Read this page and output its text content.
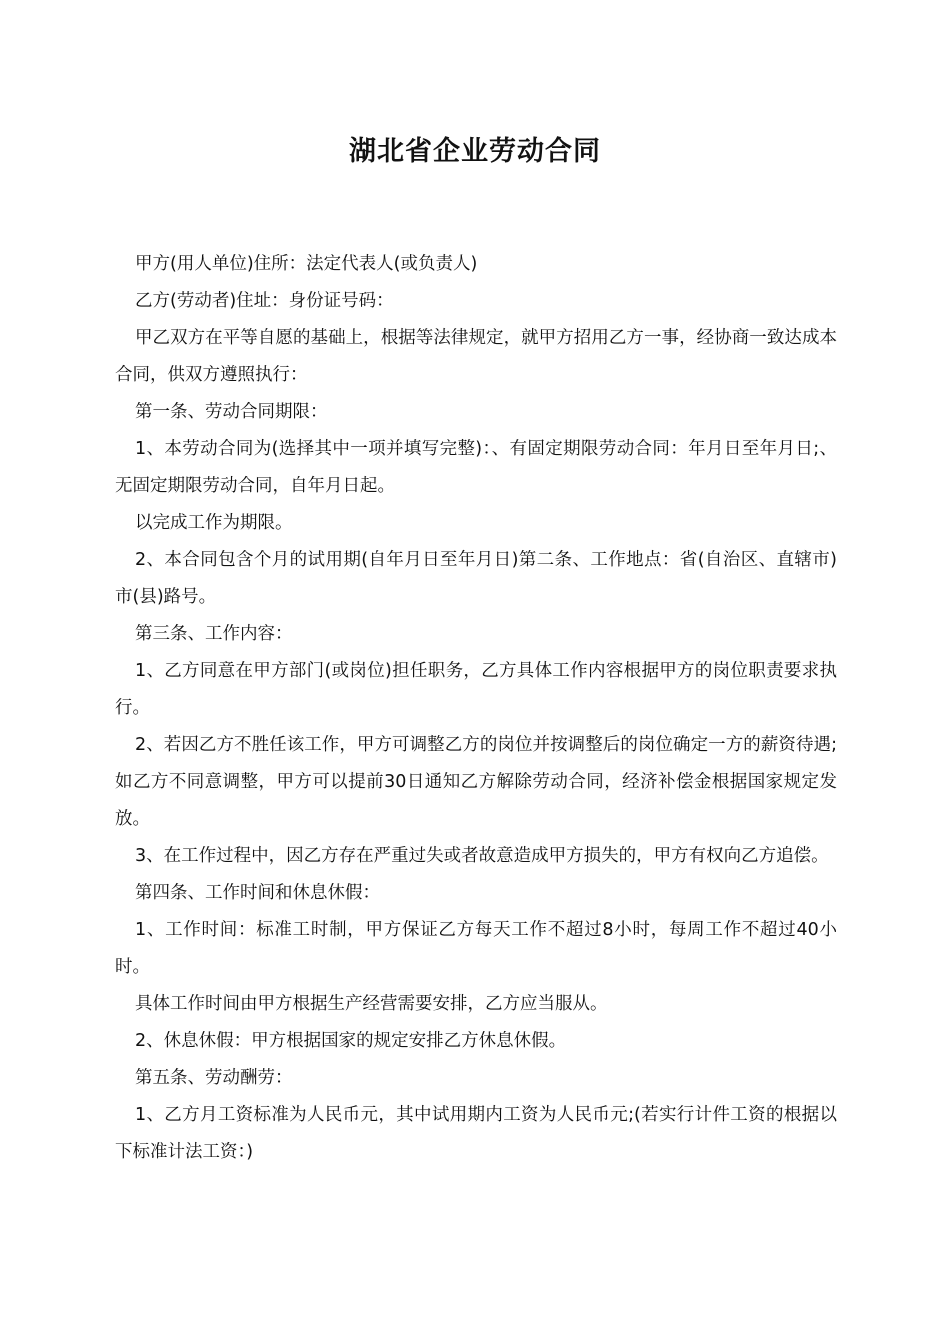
湖北省企业劳动合同

甲方(用人单位)住所：法定代表人(或负责人)

乙方(劳动者)住址：身份证号码：

甲乙双方在平等自愿的基础上，根据等法律规定，就甲方招用乙方一事，经协商一致达成本合同，供双方遵照执行：

第一条、劳动合同期限：

1、本劳动合同为(选择其中一项并填写完整)：、有固定期限劳动合同：年月日至年月日;、无固定期限劳动合同，自年月日起。

以完成工作为期限。

2、本合同包含个月的试用期(自年月日至年月日)第二条、工作地点：省(自治区、直辖市)市(县)路号。

第三条、工作内容：

1、乙方同意在甲方部门(或岗位)担任职务，乙方具体工作内容根据甲方的岗位职责要求执行。

2、若因乙方不胜任该工作，甲方可调整乙方的岗位并按调整后的岗位确定一方的薪资待遇;如乙方不同意调整，甲方可以提前30日通知乙方解除劳动合同，经济补偿金根据国家规定发放。

3、在工作过程中，因乙方存在严重过失或者故意造成甲方损失的，甲方有权向乙方追偿。

第四条、工作时间和休息休假：

1、工作时间：标准工时制，甲方保证乙方每天工作不超过8小时，每周工作不超过40小时。

具体工作时间由甲方根据生产经营需要安排，乙方应当服从。

2、休息休假：甲方根据国家的规定安排乙方休息休假。

第五条、劳动酬劳：

1、乙方月工资标准为人民币元，其中试用期内工资为人民币元;(若实行计件工资的根据以下标准计法工资：)
